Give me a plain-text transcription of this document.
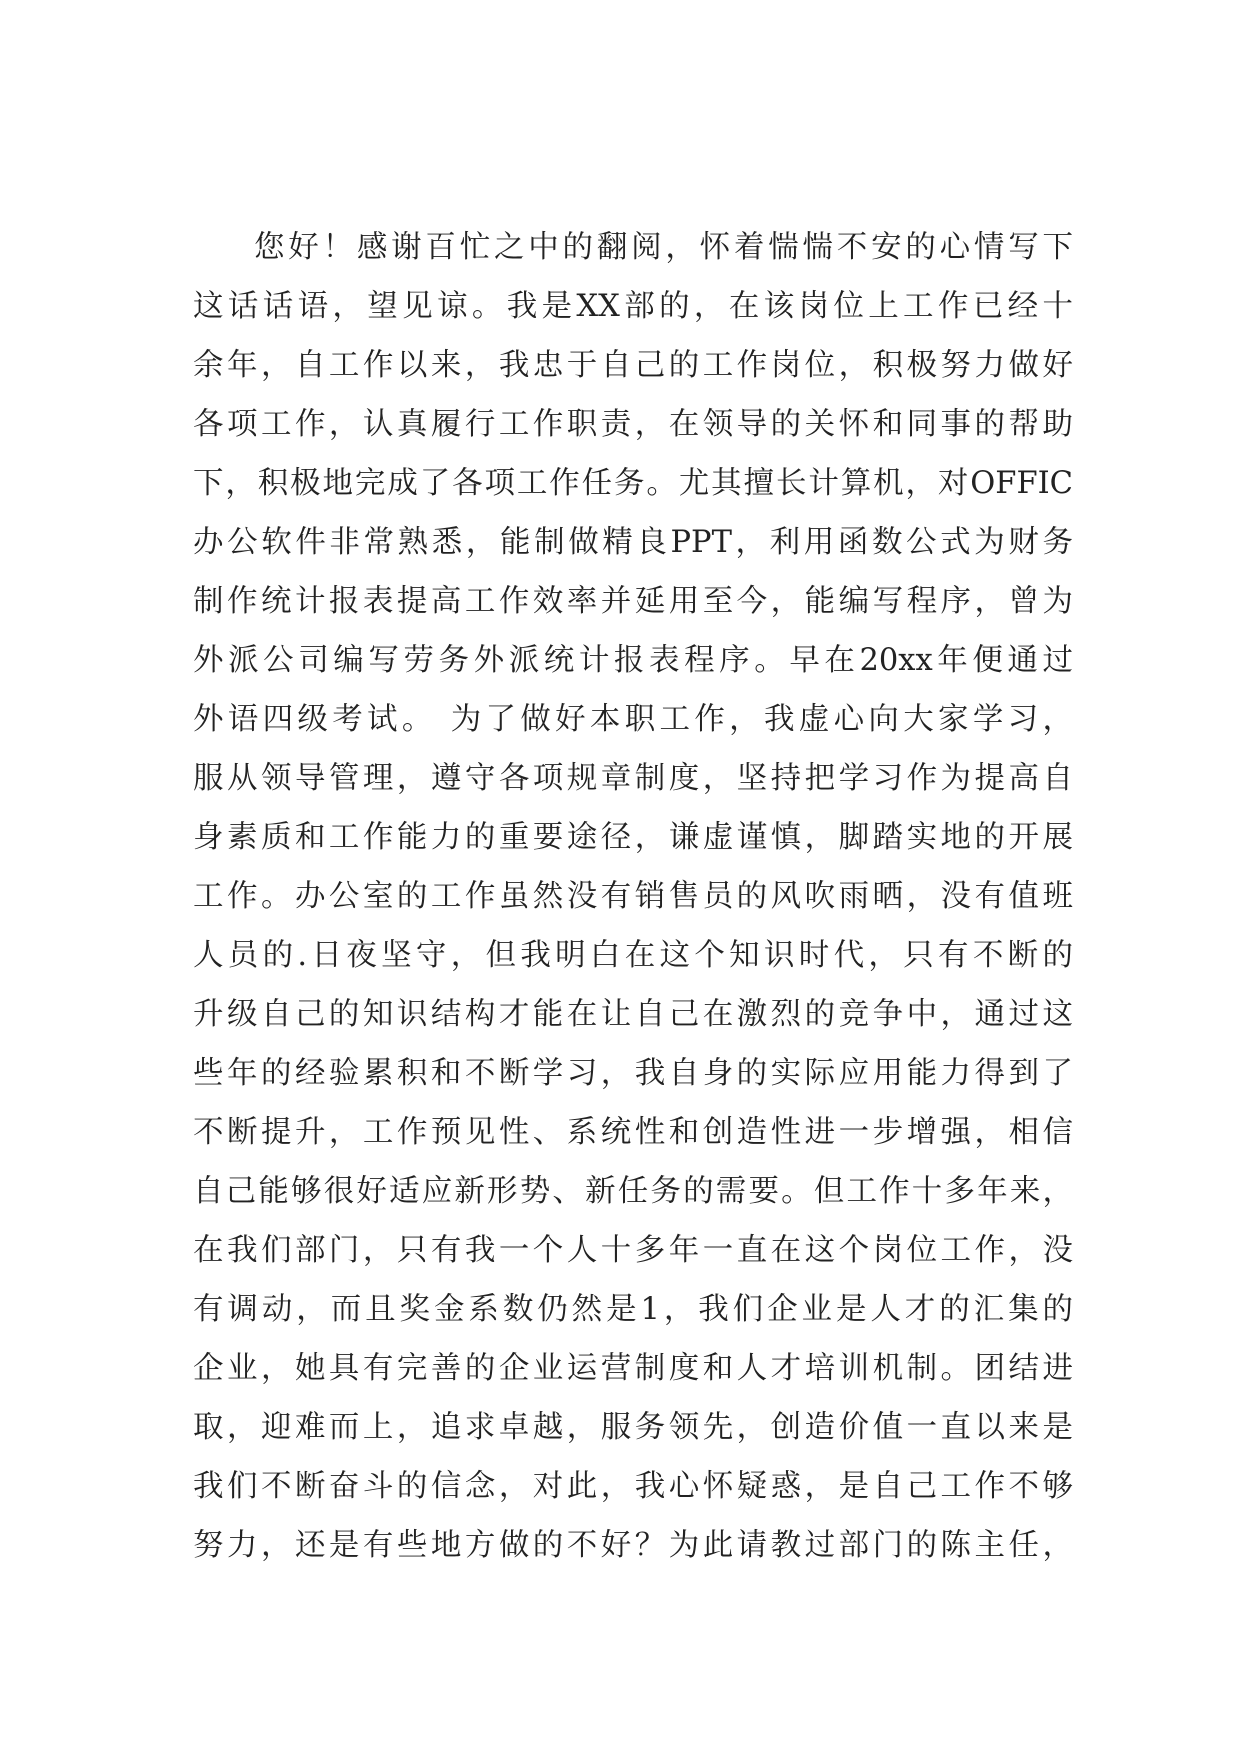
您好！感谢百忙之中的翻阅，怀着惴惴不安的心情写下
这话话语，望见谅。我是XX部的，在该岗位上工作已经十
余年，自工作以来，我忠于自己的工作岗位，积极努力做好
各项工作，认真履行工作职责，在领导的关怀和同事的帮助
下，积极地完成了各项工作任务。尤其擅长计算机，对OFFIC
办公软件非常熟悉，能制做精良PPT，利用函数公式为财务
制作统计报表提高工作效率并延用至今，能编写程序，曾为
外派公司编写劳务外派统计报表程序。早在20xx年便通过
外语四级考试。 为了做好本职工作，我虚心向大家学习，
服从领导管理，遵守各项规章制度，坚持把学习作为提高自
身素质和工作能力的重要途径，谦虚谨慎，脚踏实地的开展
工作。办公室的工作虽然没有销售员的风吹雨晒，没有值班
人员的.日夜坚守，但我明白在这个知识时代，只有不断的
升级自己的知识结构才能在让自己在激烈的竞争中，通过这
些年的经验累积和不断学习，我自身的实际应用能力得到了
不断提升，工作预见性、系统性和创造性进一步增强，相信
自己能够很好适应新形势、新任务的需要。但工作十多年来，
在我们部门，只有我一个人十多年一直在这个岗位工作，没
有调动，而且奖金系数仍然是1，我们企业是人才的汇集的
企业，她具有完善的企业运营制度和人才培训机制。团结进
取，迎难而上，追求卓越，服务领先，创造价值一直以来是
我们不断奋斗的信念，对此，我心怀疑惑，是自己工作不够
努力，还是有些地方做的不好？为此请教过部门的陈主任，
